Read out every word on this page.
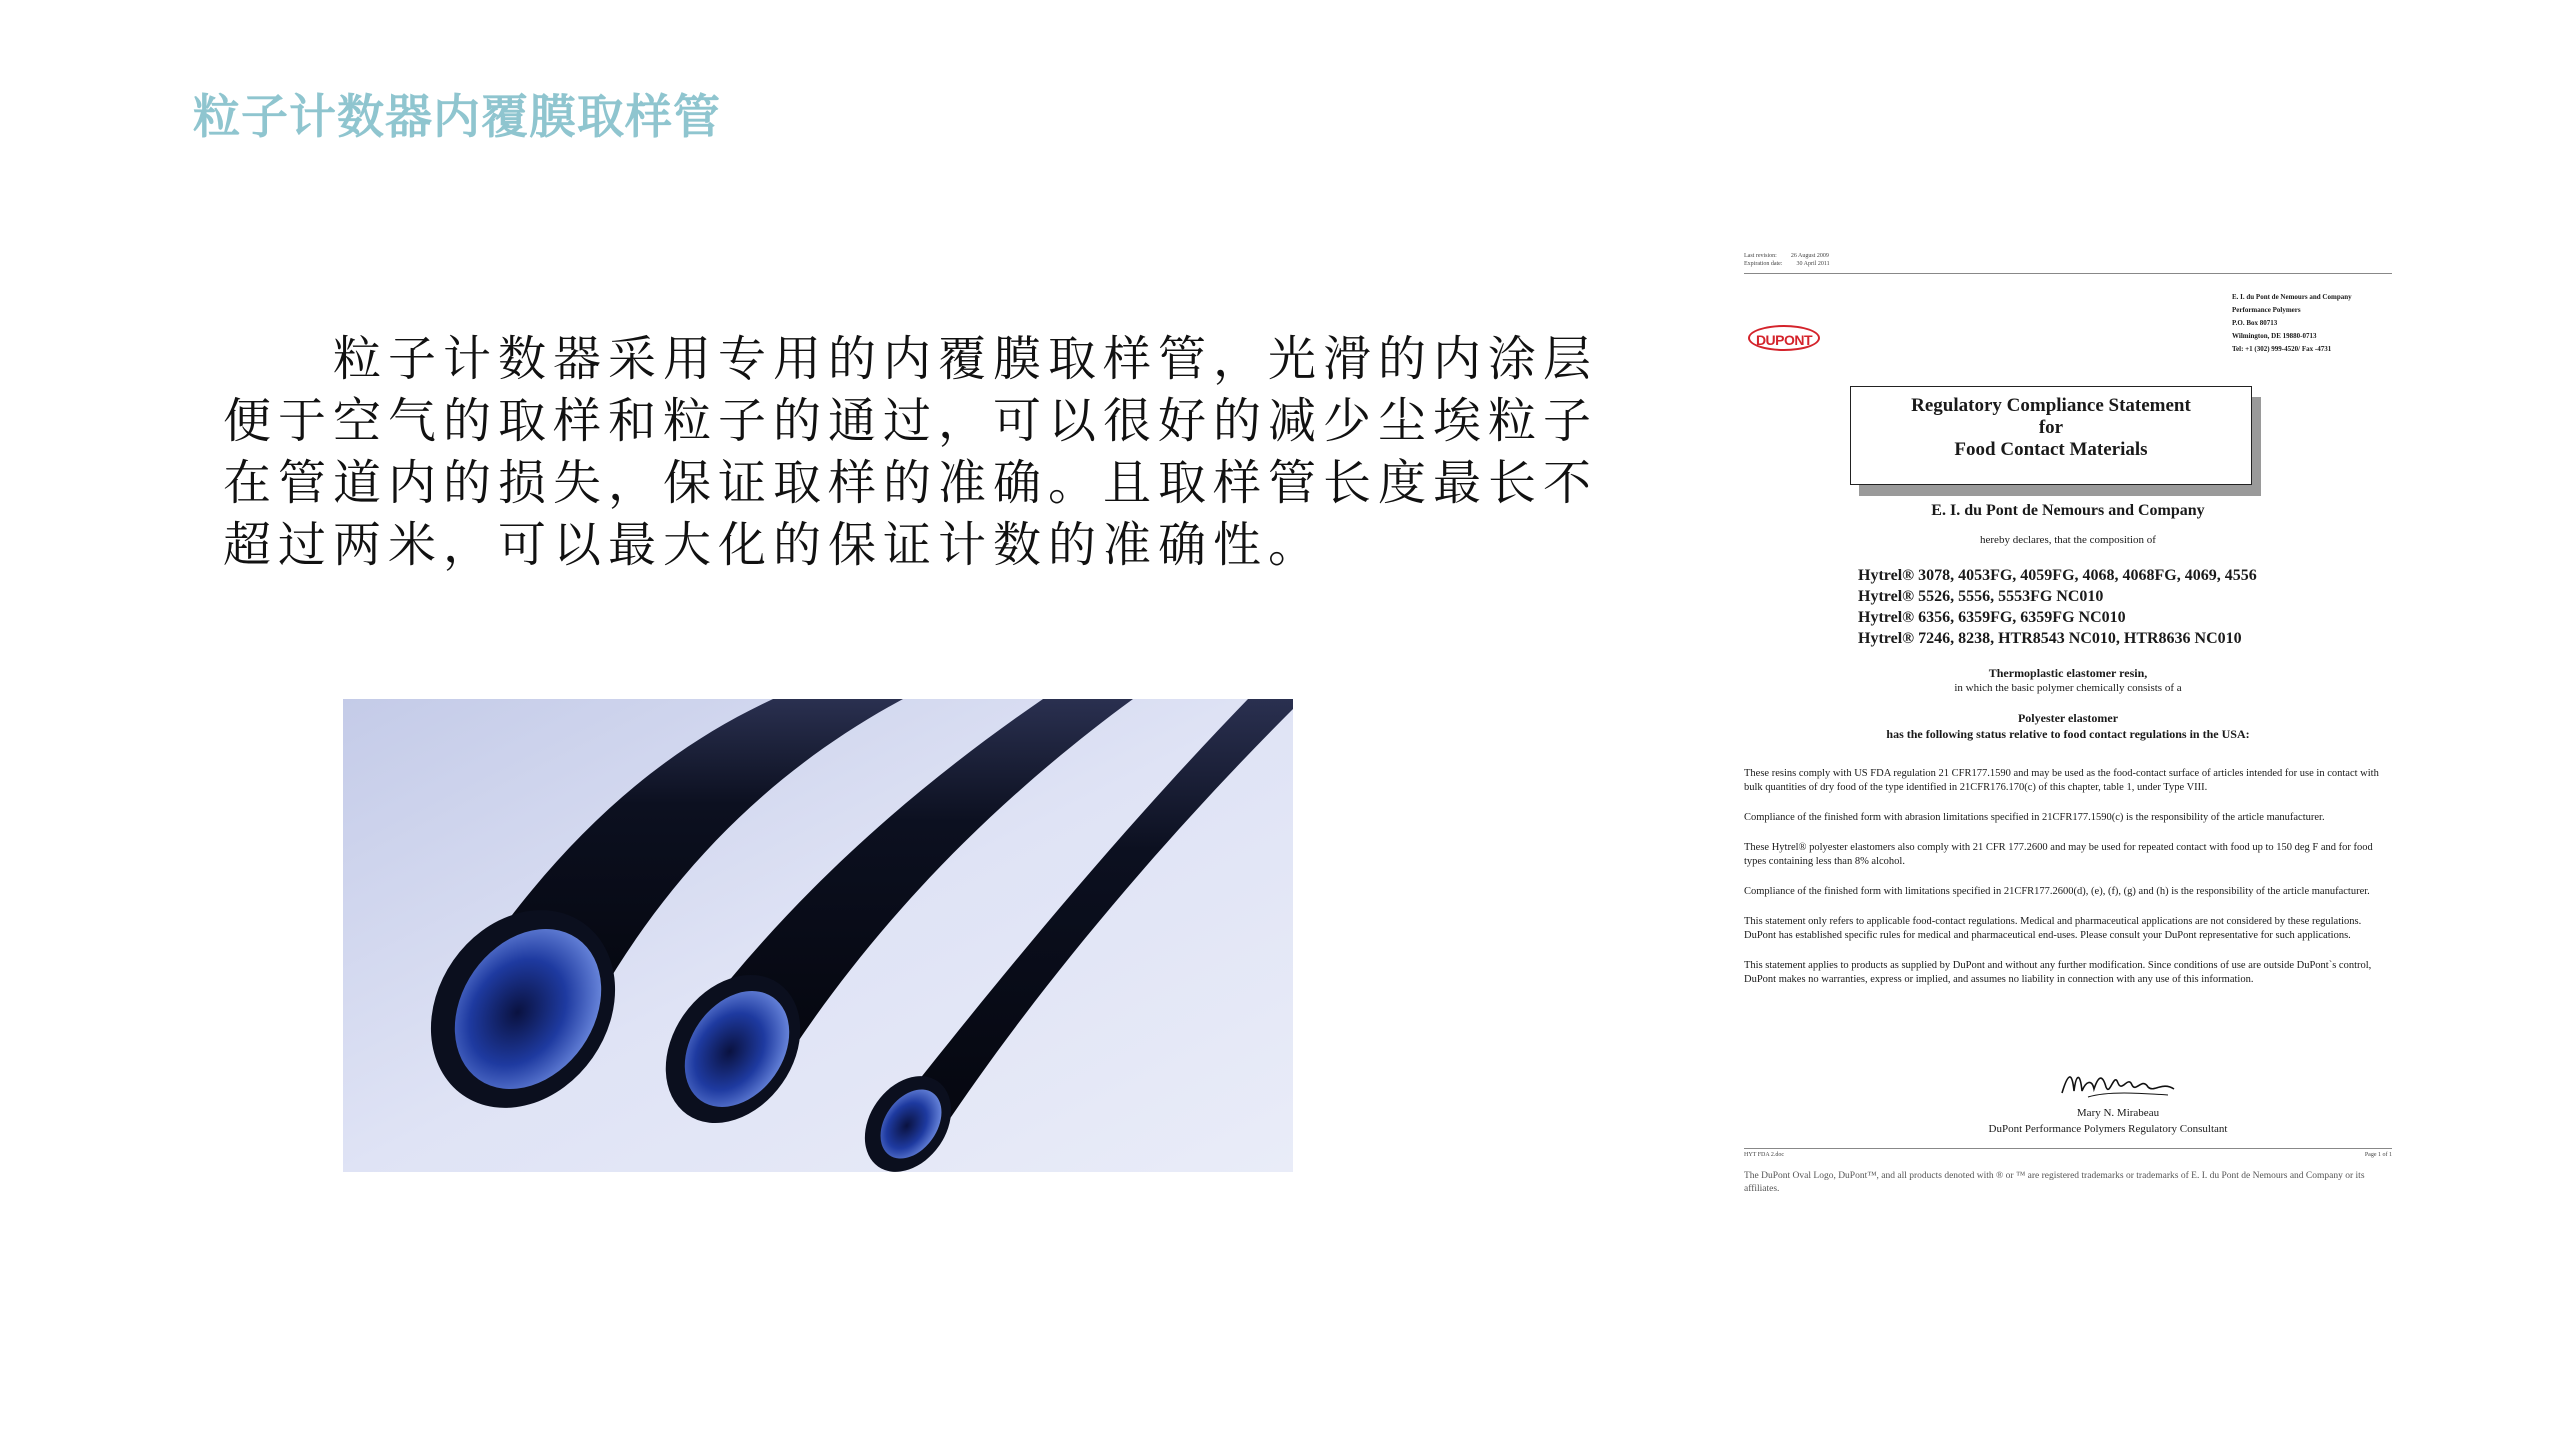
粒子计数器内覆膜取样管
粒子计数器采用专用的内覆膜取样管，光滑的内涂层便于空气的取样和粒子的通过，可以很好的减少尘埃粒子在管道内的损失，保证取样的准确。且取样管长度最长不超过两米，可以最大化的保证计数的准确性。
Last revision: 26 August 2009
Expiration date: 30 April 2011
E. I. du Pont de Nemours and Company
Performance Polymers
P.O. Box 80713
Wilmington, DE 19880-0713
Tel: +1 (302) 999-4520/ Fax -4731
DUPONT
Regulatory Compliance Statement
for
Food Contact Materials
E. I. du Pont de Nemours and Company
hereby declares, that the composition of
Hytrel® 3078, 4053FG, 4059FG, 4068, 4068FG, 4069, 4556
Hytrel® 5526, 5556, 5553FG NC010
Hytrel® 6356, 6359FG, 6359FG NC010
Hytrel® 7246, 8238, HTR8543 NC010, HTR8636 NC010
Thermoplastic elastomer resin,
in which the basic polymer chemically consists of a
Polyester elastomer
has the following status relative to food contact regulations in the USA:

These resins comply with US FDA regulation 21 CFR177.1590 and may be used as the food-contact surface of articles intended for use in contact with bulk quantities of dry food of the type identified in 21CFR176.170(c) of this chapter, table 1, under Type VIII.

Compliance of the finished form with abrasion limitations specified in 21CFR177.1590(c) is the responsibility of the article manufacturer.

These Hytrel® polyester elastomers also comply with 21 CFR 177.2600 and may be used for repeated contact with food up to 150 deg F and for food types containing less than 8% alcohol.

Compliance of the finished form with limitations specified in 21CFR177.2600(d), (e), (f), (g) and (h) is the responsibility of the article manufacturer.

This statement only refers to applicable food-contact regulations. Medical and pharmaceutical applications are not considered by these regulations. DuPont has established specific rules for medical and pharmaceutical end-uses. Please consult your DuPont representative for such applications.

This statement applies to products as supplied by DuPont and without any further modification. Since conditions of use are outside DuPont`s control, DuPont makes no warranties, express or implied, and assumes no liability in connection with any use of this information.

Mary N. Mirabeau
DuPont Performance Polymers Regulatory Consultant
HYT FDA 2.doc	Page 1 of 1
The DuPont Oval Logo, DuPont™, and all products denoted with ® or ™ are registered trademarks or trademarks of E. I. du Pont de Nemours and Company or its affiliates.
